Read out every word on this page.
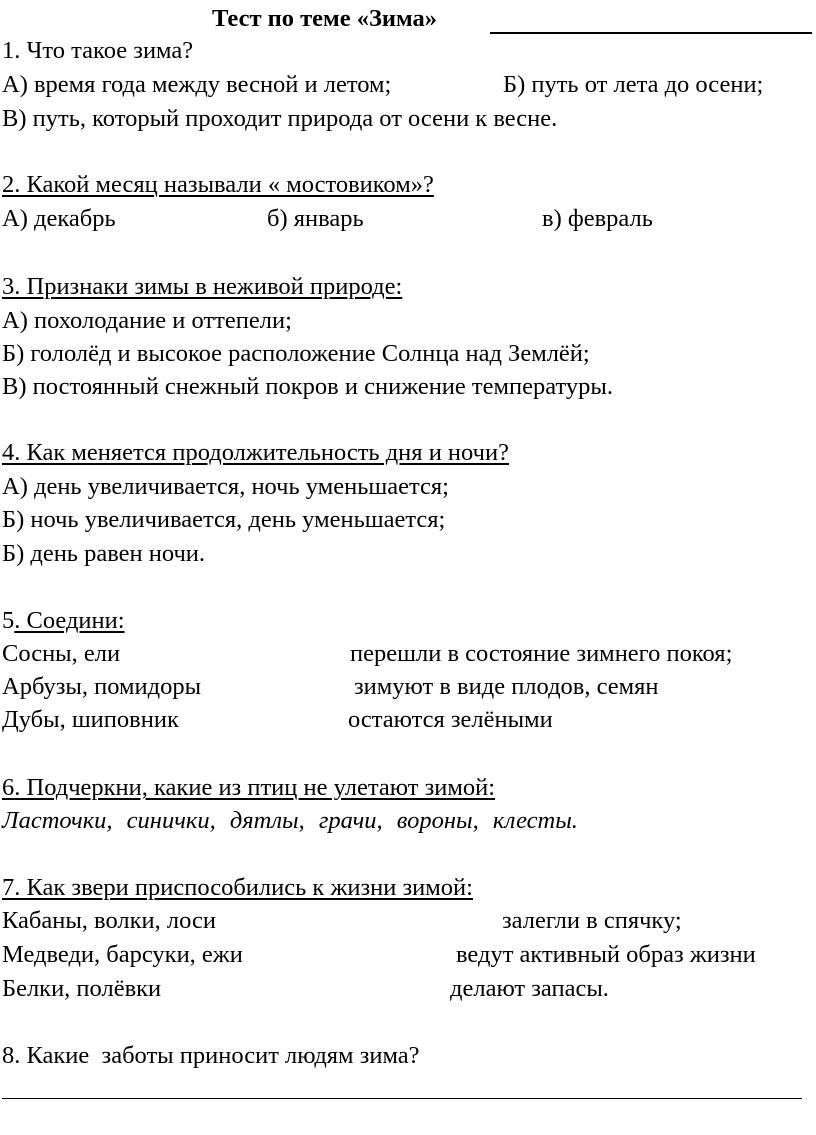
Тест по теме «Зима»
1. Что такое зима?
А) время года между весной и летом;	Б) путь от лета до осени;
В) путь, который проходит природа от осени к весне.
2. Какой месяц называли « мостовиком»?
А) декабрь	б) январь	в) февраль
3. Признаки зимы в неживой природе:
А) похолодание и оттепели;
Б) гололёд и высокое расположение Солнца над Землёй;
В) постоянный снежный покров и снижение температуры.
4. Как меняется продолжительность дня и ночи?
А) день увеличивается, ночь уменьшается;
Б) ночь увеличивается, день уменьшается;
Б) день равен ночи.
5. Соедини:
Сосны, ели	перешли в состояние зимнего покоя;
Арбузы, помидоры	зимуют в виде плодов, семян
Дубы, шиповник	остаются зелёными
6. Подчеркни, какие из птиц не улетают зимой:
Ласточки, синички, дятлы, грачи, вороны, клесты.
7. Как звери приспособились к жизни зимой:
Кабаны, волки, лоси	залегли в спячку;
Медведи, барсуки, ежи	ведут активный образ жизни
Белки, полёвки	делают запасы.
8. Какие  заботы приносит людям зима?
